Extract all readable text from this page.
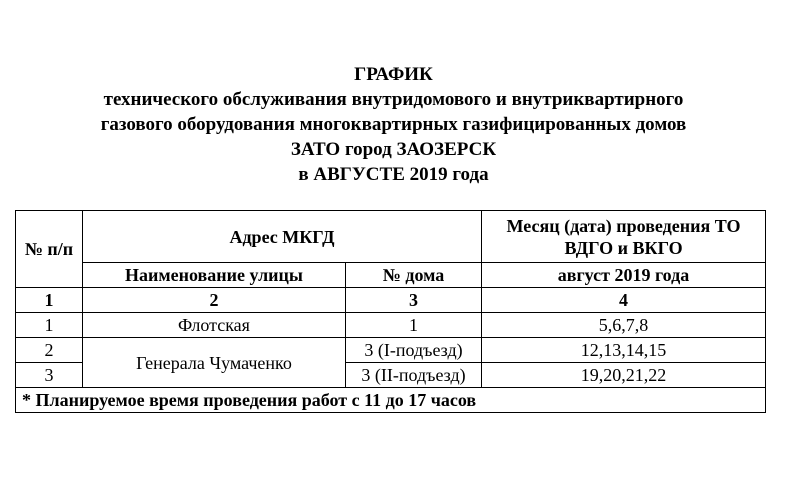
ГРАФИК
технического обслуживания внутридомового и внутриквартирного
газового оборудования многоквартирных газифицированных домов
ЗАТО город ЗАОЗЕРСК
в АВГУСТЕ 2019 года
№ п/п	Адрес МКГД		Месяц (дата) проведения ТО ВДГО и ВКГО
	Наименование улицы	№ дома	август 2019 года
1	2	3	4
1	Флотская	1	5,6,7,8
2	Генерала Чумаченко	3 (I-подъезд)	12,13,14,15
3		3 (II-подъезд)	19,20,21,22
* Планируемое время проведения работ с 11 до 17 часов			
